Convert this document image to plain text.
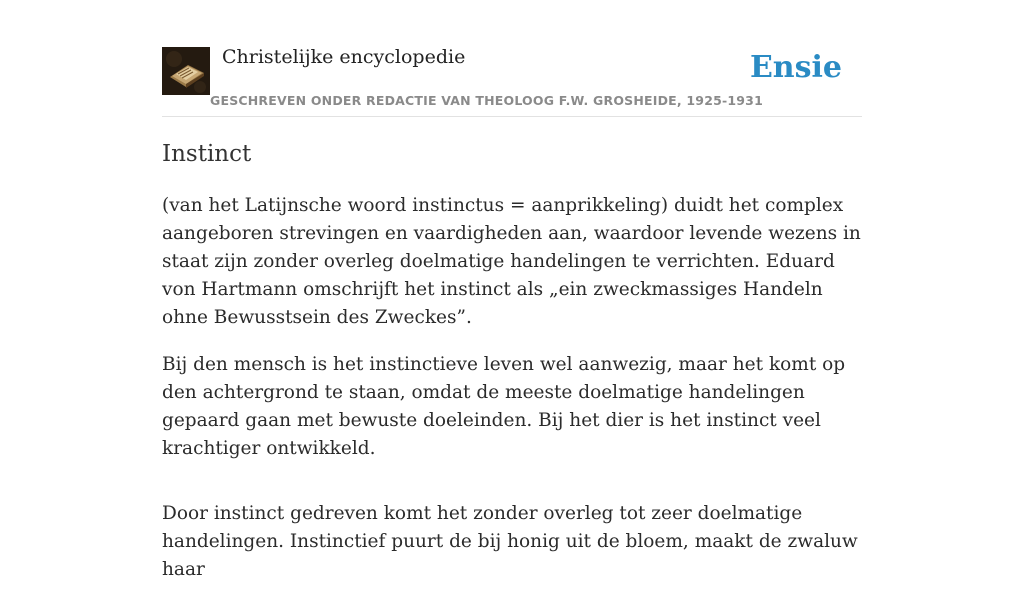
Christelijke encyclopedie
GESCHREVEN ONDER REDACTIE VAN THEOLOOG F.W. GROSHEIDE, 1925-1931
Ensie
Instinct

(van het Latijnsche woord instinctus = aanprikkeling) duidt het complex aangeboren strevingen en vaardigheden aan, waardoor levende wezens in staat zijn zonder overleg doelmatige handelingen te verrichten. Eduard von Hartmann omschrijft het instinct als „ein zweckmassiges Handeln ohne Bewusstsein des Zweckes”.

Bij den mensch is het instinctieve leven wel aanwezig, maar het komt op den achtergrond te staan, omdat de meeste doelmatige handelingen gepaard gaan met bewuste doeleinden. Bij het dier is het instinct veel krachtiger ontwikkeld.

Door instinct gedreven komt het zonder overleg tot zeer doelmatige handelingen. Instinctief puurt de bij honig uit de bloem, maakt de zwaluw haar
